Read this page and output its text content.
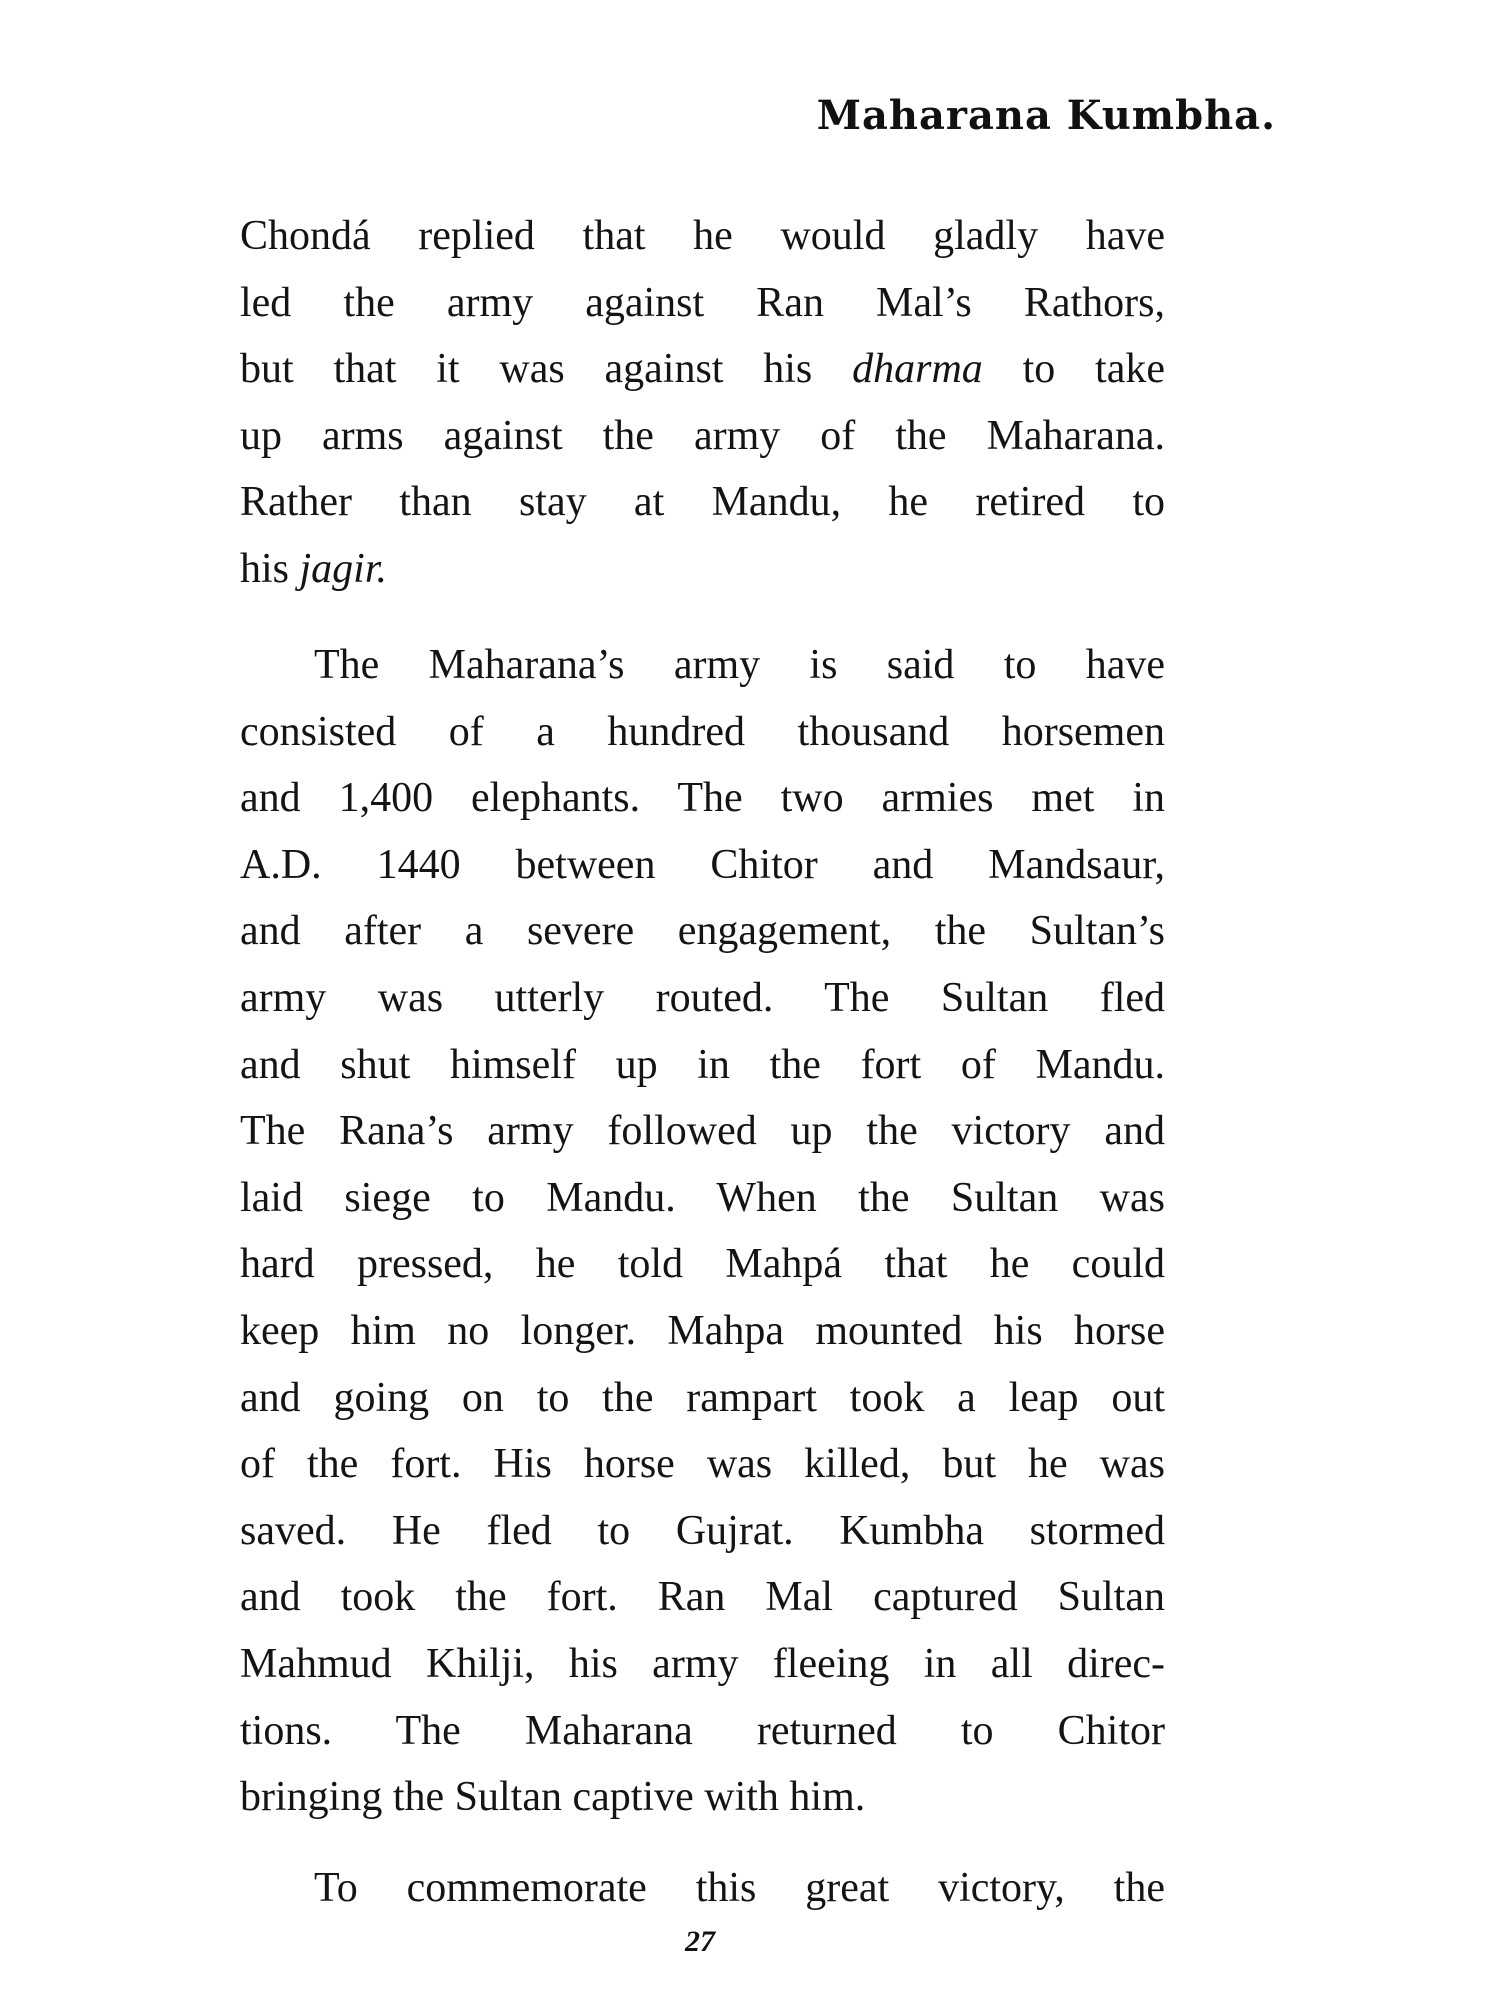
Maharana Kumbha.
Chondá replied that he would gladly have
led the army against Ran Mal’s Rathors,
but that it was against his dharma to take
up arms against the army of the Maharana.
Rather than stay at Mandu, he retired to
his jagir.
The Maharana’s army is said to have
consisted of a hundred thousand horsemen
and 1,400 elephants. The two armies met in
A.D. 1440 between Chitor and Mandsaur,
and after a severe engagement, the Sultan’s
army was utterly routed. The Sultan fled
and shut himself up in the fort of Mandu.
The Rana’s army followed up the victory and
laid siege to Mandu. When the Sultan was
hard pressed, he told Mahpá that he could
keep him no longer. Mahpa mounted his horse
and going on to the rampart took a leap out
of the fort. His horse was killed, but he was
saved. He fled to Gujrat. Kumbha stormed
and took the fort. Ran Mal captured Sultan
Mahmud Khilji, his army fleeing in all direc-
tions. The Maharana returned to Chitor
bringing the Sultan captive with him.
To commemorate this great victory, the
27
